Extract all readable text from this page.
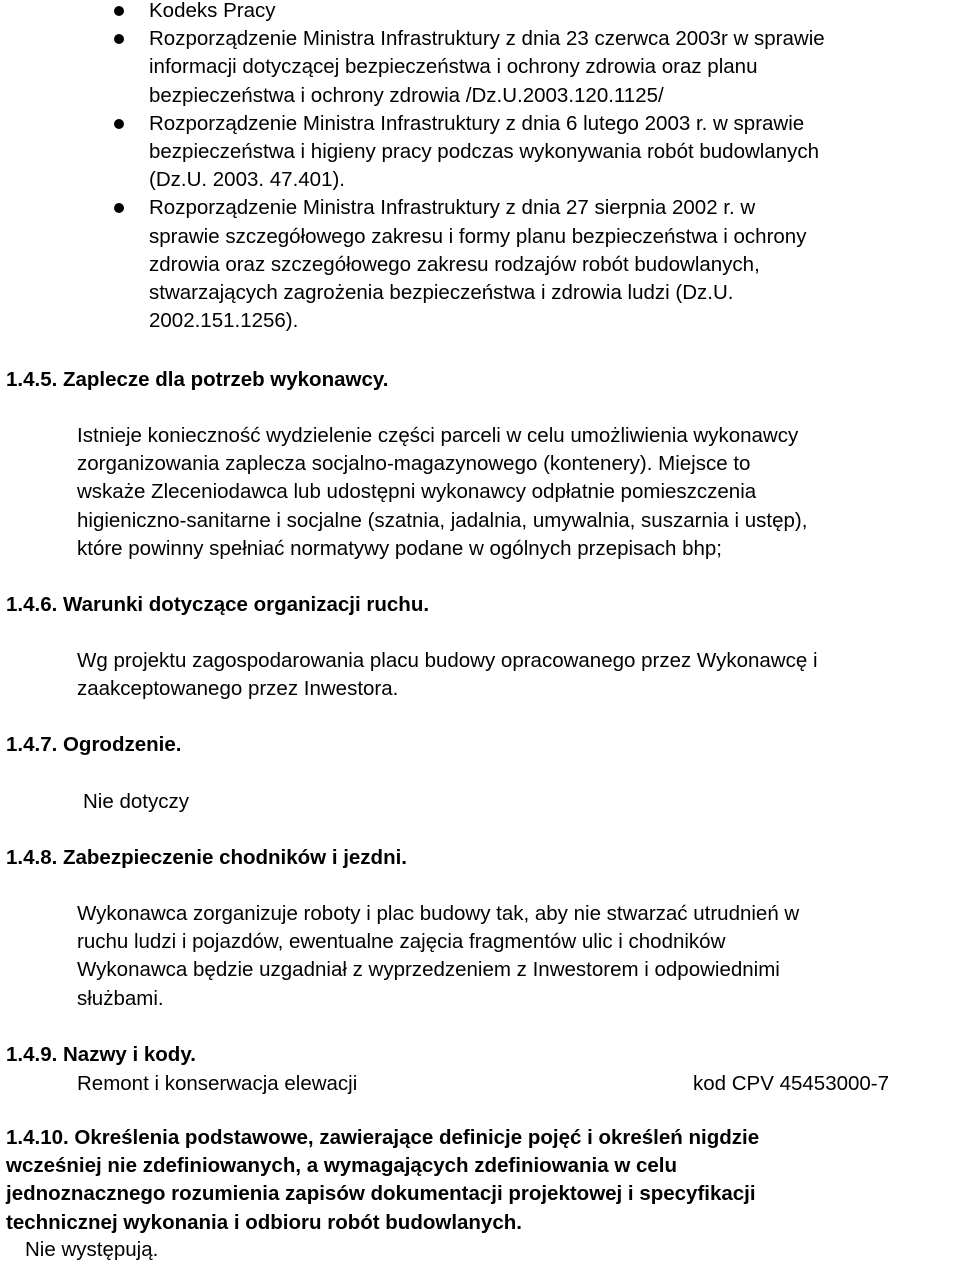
Kodeks Pracy
Rozporządzenie Ministra Infrastruktury z dnia 23 czerwca 2003r w sprawie
informacji dotyczącej bezpieczeństwa i ochrony zdrowia oraz planu
bezpieczeństwa i ochrony zdrowia /Dz.U.2003.120.1125/
Rozporządzenie Ministra Infrastruktury z dnia 6 lutego 2003 r. w sprawie
bezpieczeństwa i higieny pracy podczas wykonywania robót budowlanych
(Dz.U. 2003. 47.401).
Rozporządzenie Ministra Infrastruktury z dnia 27 sierpnia 2002 r. w
sprawie szczegółowego zakresu i formy planu bezpieczeństwa i ochrony
zdrowia oraz szczegółowego zakresu rodzajów robót budowlanych,
stwarzających zagrożenia bezpieczeństwa i zdrowia ludzi (Dz.U.
2002.151.1256).
1.4.5. Zaplecze dla potrzeb wykonawcy.

Istnieje konieczność wydzielenie części parceli w celu umożliwienia wykonawcy

zorganizowania zaplecza socjalno-magazynowego (kontenery). Miejsce to

wskaże Zleceniodawca lub udostępni wykonawcy odpłatnie pomieszczenia

higieniczno-sanitarne i socjalne (szatnia, jadalnia, umywalnia, suszarnia i ustęp),

które powinny spełniać normatywy podane w ogólnych przepisach bhp;

1.4.6. Warunki dotyczące organizacji ruchu.

Wg projektu zagospodarowania placu budowy opracowanego przez Wykonawcę i

zaakceptowanego przez Inwestora.

1.4.7. Ogrodzenie.

Nie dotyczy

1.4.8. Zabezpieczenie chodników i jezdni.

Wykonawca zorganizuje roboty i plac budowy tak, aby nie stwarzać utrudnień w

ruchu ludzi i pojazdów, ewentualne zajęcia fragmentów ulic i chodników

Wykonawca będzie uzgadniał z wyprzedzeniem z Inwestorem i odpowiednimi

służbami.

1.4.9. Nazwy i kody.
Remont i konserwacja elewacji	kod CPV 45453000-7

1.4.10. Określenia podstawowe, zawierające definicje pojęć i określeń nigdzie

wcześniej nie zdefiniowanych, a wymagających zdefiniowania w celu

jednoznacznego rozumienia zapisów dokumentacji projektowej i specyfikacji

technicznej wykonania i odbioru robót budowlanych.

Nie występują.
